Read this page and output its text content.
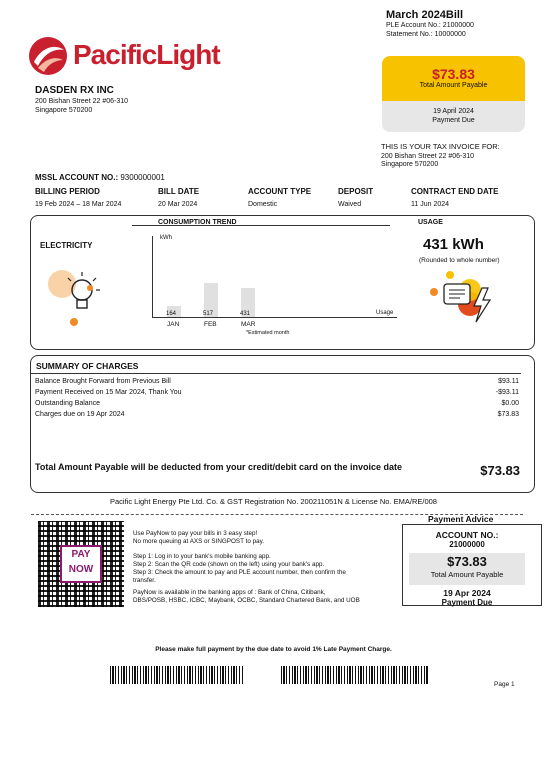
PacificLight
March 2024Bill
PLE Account No.: 21000000
Statement No.: 10000000
DASDEN RX INC
200 Bishan Street 22 #06-310
Singapore 570200
$73.83
Total Amount Payable
19 April 2024
Payment Due
THIS IS YOUR TAX INVOICE FOR:
200 Bishan Street 22 #06-310
Singapore 570200
MSSL ACCOUNT NO.: 9300000001
BILLING PERIOD	BILL DATE	ACCOUNT TYPE	DEPOSIT	CONTRACT END DATE
19 Feb 2024 – 18 Mar 2024	20 Mar 2024	Domestic	Waived	11 Jun 2024
CONSUMPTION TREND	USAGE
ELECTRICITY
kWh
164
JAN
517
FEB
431
MAR
Usage
*Estimated month
431 kWh
(Rounded to whole number)
SUMMARY OF CHARGES
Balance Brought Forward from Previous Bill	$93.11
Payment Received on 15 Mar 2024, Thank You	-$93.11
Outstanding Balance	$0.00
Charges due on 19 Apr 2024	$73.83
Total Amount Payable will be deducted from your credit/debit card on the invoice date	$73.83
Pacific Light Energy Pte Ltd. Co. & GST Registration No. 200211051N & License No. EMA/RE/008
PAY
NOW
Use PayNow to pay your bills in 3 easy step!
No more queuing at AXS or SINGPOST to pay.
Step 1: Log in to your bank's mobile banking app.
Step 2: Scan the QR code (shown on the left) using your bank's app.
Step 3: Check the amount to pay and PLE account number, then confirm the
transfer.
PayNow is available in the banking apps of : Bank of China, Citibank,
DBS/POSB, HSBC, ICBC, Maybank, OCBC, Standard Chartered Bank, and UOB
Payment Advice
ACCOUNT NO.:
21000000
$73.83
Total Amount Payable
19 Apr 2024
Payment Due
Please make full payment by the due date to avoid 1% Late Payment Charge.
Page 1
